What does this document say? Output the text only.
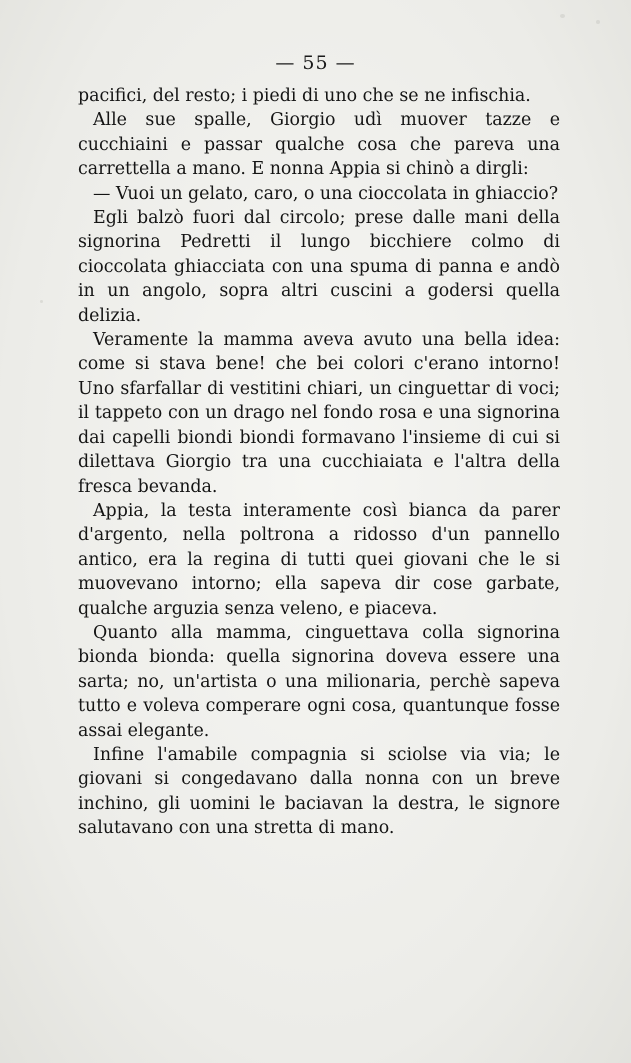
— 55 —

pacifici, del resto; i piedi di uno che se ne infischia.

Alle sue spalle, Giorgio udì muover tazze e cucchiaini e passar qualche cosa che pareva una carrettella a mano. E nonna Appia si chinò a dirgli:

— Vuoi un gelato, caro, o una cioccolata in ghiaccio?

Egli balzò fuori dal circolo; prese dalle mani della signorina Pedretti il lungo bicchiere colmo di cioccolata ghiacciata con una spuma di panna e andò in un angolo, sopra altri cuscini a godersi quella delizia.

Veramente la mamma aveva avuto una bella idea: come si stava bene! che bei colori c'erano intorno! Uno sfarfallar di vestitini chiari, un cinguettar di voci; il tappeto con un drago nel fondo rosa e una signorina dai capelli biondi biondi formavano l'insieme di cui si dilettava Giorgio tra una cucchiaiata e l'altra della fresca bevanda.

Appia, la testa interamente così bianca da parer d'argento, nella poltrona a ridosso d'un pannello antico, era la regina di tutti quei giovani che le si muovevano intorno; ella sapeva dir cose garbate, qualche arguzia senza veleno, e piaceva.

Quanto alla mamma, cinguettava colla signorina bionda bionda: quella signorina doveva essere una sarta; no, un'artista o una milionaria, perchè sapeva tutto e voleva comperare ogni cosa, quantunque fosse assai elegante.

Infine l'amabile compagnia si sciolse via via; le giovani si congedavano dalla nonna con un breve inchino, gli uomini le baciavan la destra, le signore salutavano con una stretta di mano.
